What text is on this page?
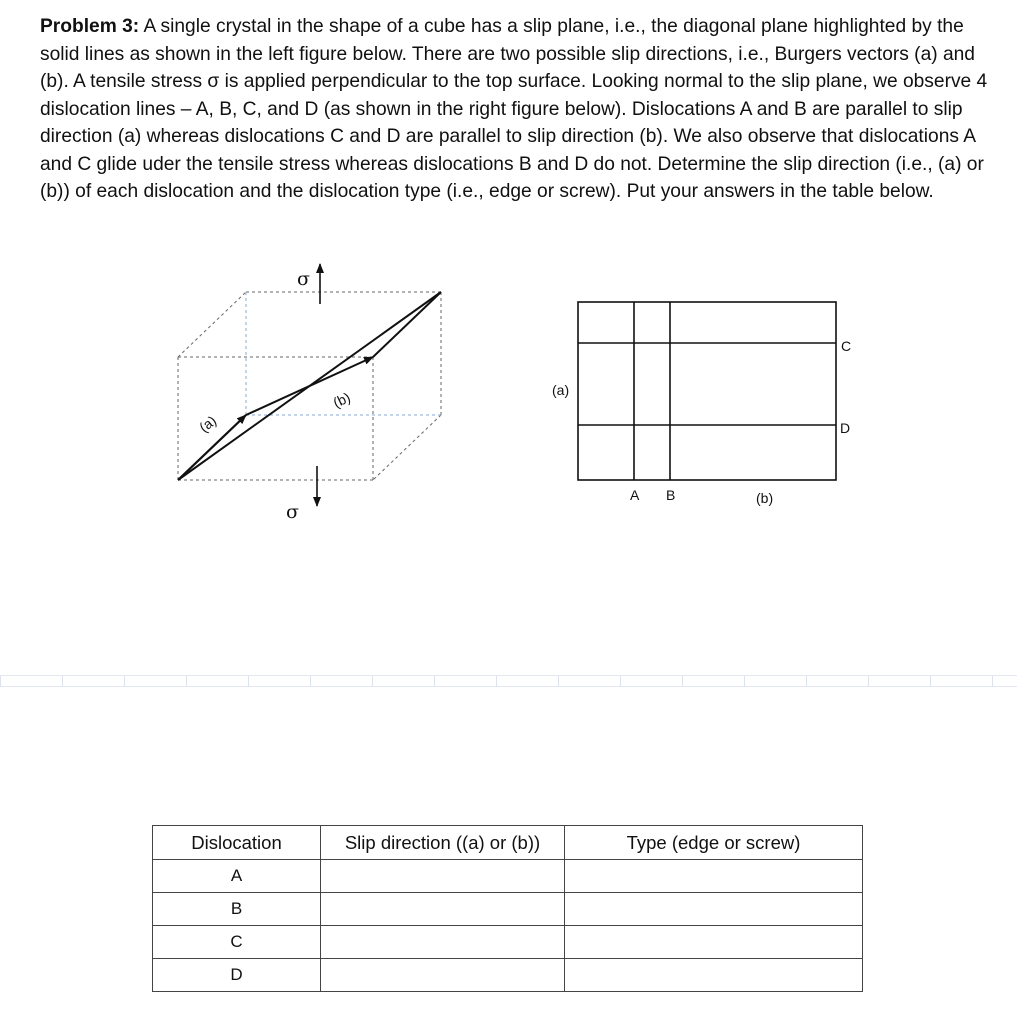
Problem 3: A single crystal in the shape of a cube has a slip plane, i.e., the diagonal plane highlighted by the solid lines as shown in the left figure below. There are two possible slip directions, i.e., Burgers vectors (a) and (b). A tensile stress σ is applied perpendicular to the top surface. Looking normal to the slip plane, we observe 4 dislocation lines – A, B, C, and D (as shown in the right figure below). Dislocations A and B are parallel to slip direction (a) whereas dislocations C and D are parallel to slip direction (b). We also observe that dislocations A and C glide uder the tensile stress whereas dislocations B and D do not. Determine the slip direction (i.e., (a) or (b)) of each dislocation and the dislocation type (i.e., edge or screw). Put your answers in the table below.

(a)
(b)
σ
σ
(a)
(b)
A B
C
D
Dislocation	Slip direction ((a) or (b))	Type (edge or screw)
A		
B		
C		
D		
